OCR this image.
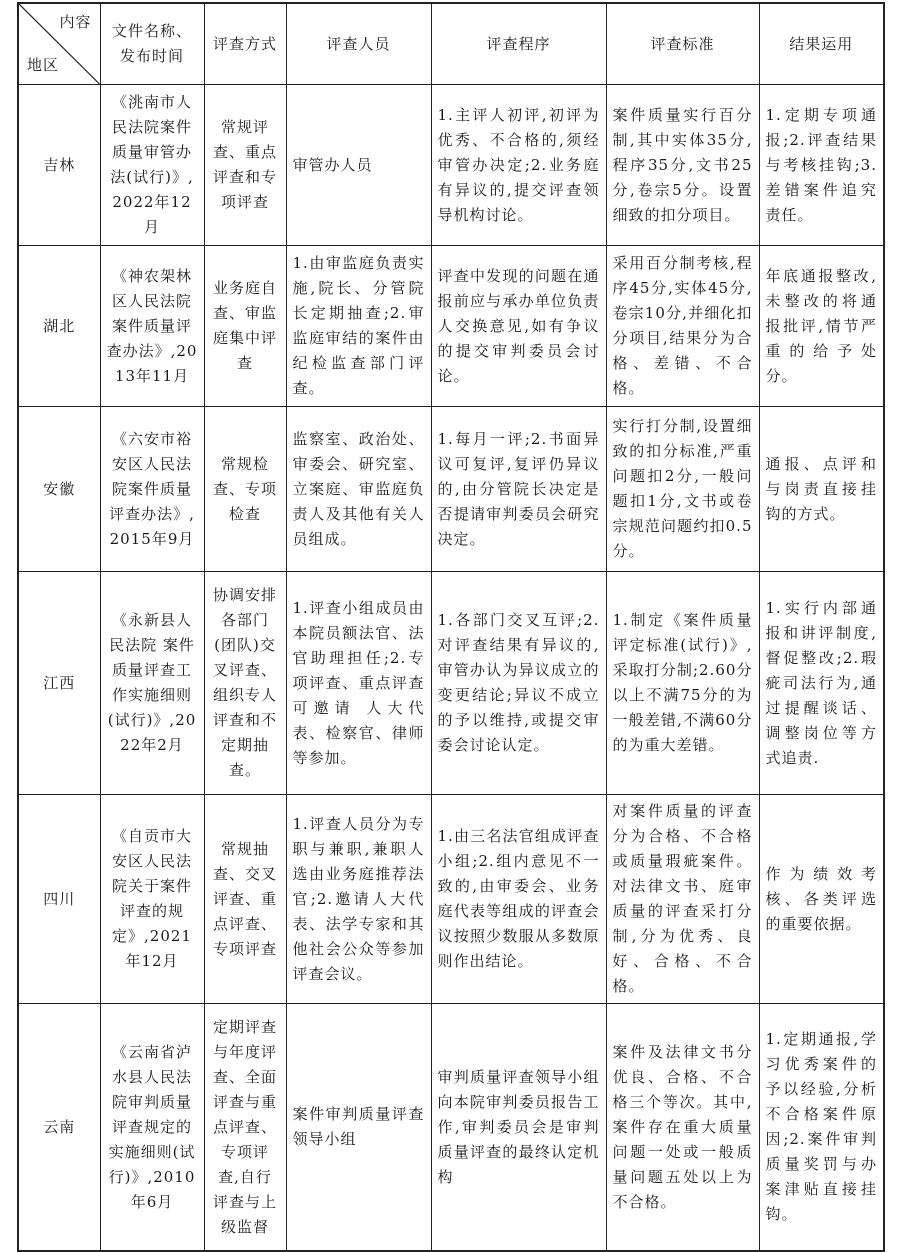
内容
地区	文件名称、发布时间	评查方式	评查人员	评查程序	评查标准	结果运用
吉林	《洮南市人民法院案件质量审管办法(试行)》,2022年12月	常规评查、重点评查和专项评查	审管办人员	1.主评人初评,初评为优秀、不合格的,须经审管办决定;2.业务庭有异议的,提交评查领导机构讨论。	案件质量实行百分制,其中实体35分,程序35分,文书25分,卷宗5分。设置细致的扣分项目。	1.定期专项通报;2.评查结果与考核挂钩;3.差错案件追究责任。
湖北	《神农架林区人民法院案件质量评查办法》,2013年11月	业务庭自查、审监庭集中评查	1.由审监庭负责实施,院长、分管院长定期抽查;2.审监庭审结的案件由纪检监查部门评查。	评查中发现的问题在通报前应与承办单位负责人交换意见,如有争议的提交审判委员会讨论。	采用百分制考核,程序45分,实体45分,卷宗10分,并细化扣分项目,结果分为合格、差错、不合格。	年底通报整改,未整改的将通报批评,情节严重的给予处分。
安徽	《六安市裕安区人民法院案件质量评查办法》,2015年9月	常规检查、专项检查	监察室、政治处、审委会、研究室、立案庭、审监庭负责人及其他有关人员组成。	1.每月一评;2.书面异议可复评,复评仍异议的,由分管院长决定是否提请审判委员会研究决定。	实行打分制,设置细致的扣分标准,严重问题扣2分,一般问题扣1分,文书或卷宗规范问题约扣0.5分。	通报、点评和与岗责直接挂钩的方式。
江西	《永新县人民法院 案件质量评查工作实施细则(试行)》,2022年2月	协调安排各部门(团队)交叉评查、组织专人评查和不定期抽查。	1.评查小组成员由本院员额法官、法官助理担任;2.专项评查、重点评查可邀请 人大代表、检察官、律师等参加。	1.各部门交叉互评;2.对评查结果有异议的,审管办认为异议成立的变更结论;异议不成立的予以维持,或提交审委会讨论认定。	1.制定《案件质量评定标准(试行)》,采取打分制;2.60分以上不满75分的为一般差错,不满60分的为重大差错。	1.实行内部通报和讲评制度,督促整改;2.瑕疵司法行为,通过提醒谈话、调整岗位等方式追责.
四川	《自贡市大安区人民法院关于案件评查的规定》,2021年12月	常规抽查、交叉评查、重点评查、专项评查	1.评查人员分为专职与兼职,兼职人选由业务庭推荐法官;2.邀请人大代表、法学专家和其他社会公众等参加评查会议。	1.由三名法官组成评查小组;2.组内意见不一致的,由审委会、业务庭代表等组成的评查会议按照少数服从多数原则作出结论。	对案件质量的评查分为合格、不合格或质量瑕疵案件。对法律文书、庭审质量的评查采打分制,分为优秀、良好、合格、不合格。	作为绩效考核、各类评选的重要依据。
云南	《云南省泸水县人民法院审判质量评查规定的实施细则(试行)》,2010年6月	定期评查与年度评查、全面评查与重点评查、专项评查,自行评查与上级监督	案件审判质量评查领导小组	审判质量评查领导小组向本院审判委员报告工作,审判委员会是审判质量评查的最终认定机构	案件及法律文书分优良、合格、不合格三个等次。其中,案件存在重大质量问题一处或一般质量问题五处以上为不合格。	1.定期通报,学习优秀案件的予以经验,分析不合格案件原因;2.案件审判质量奖罚与办案津贴直接挂钩。
